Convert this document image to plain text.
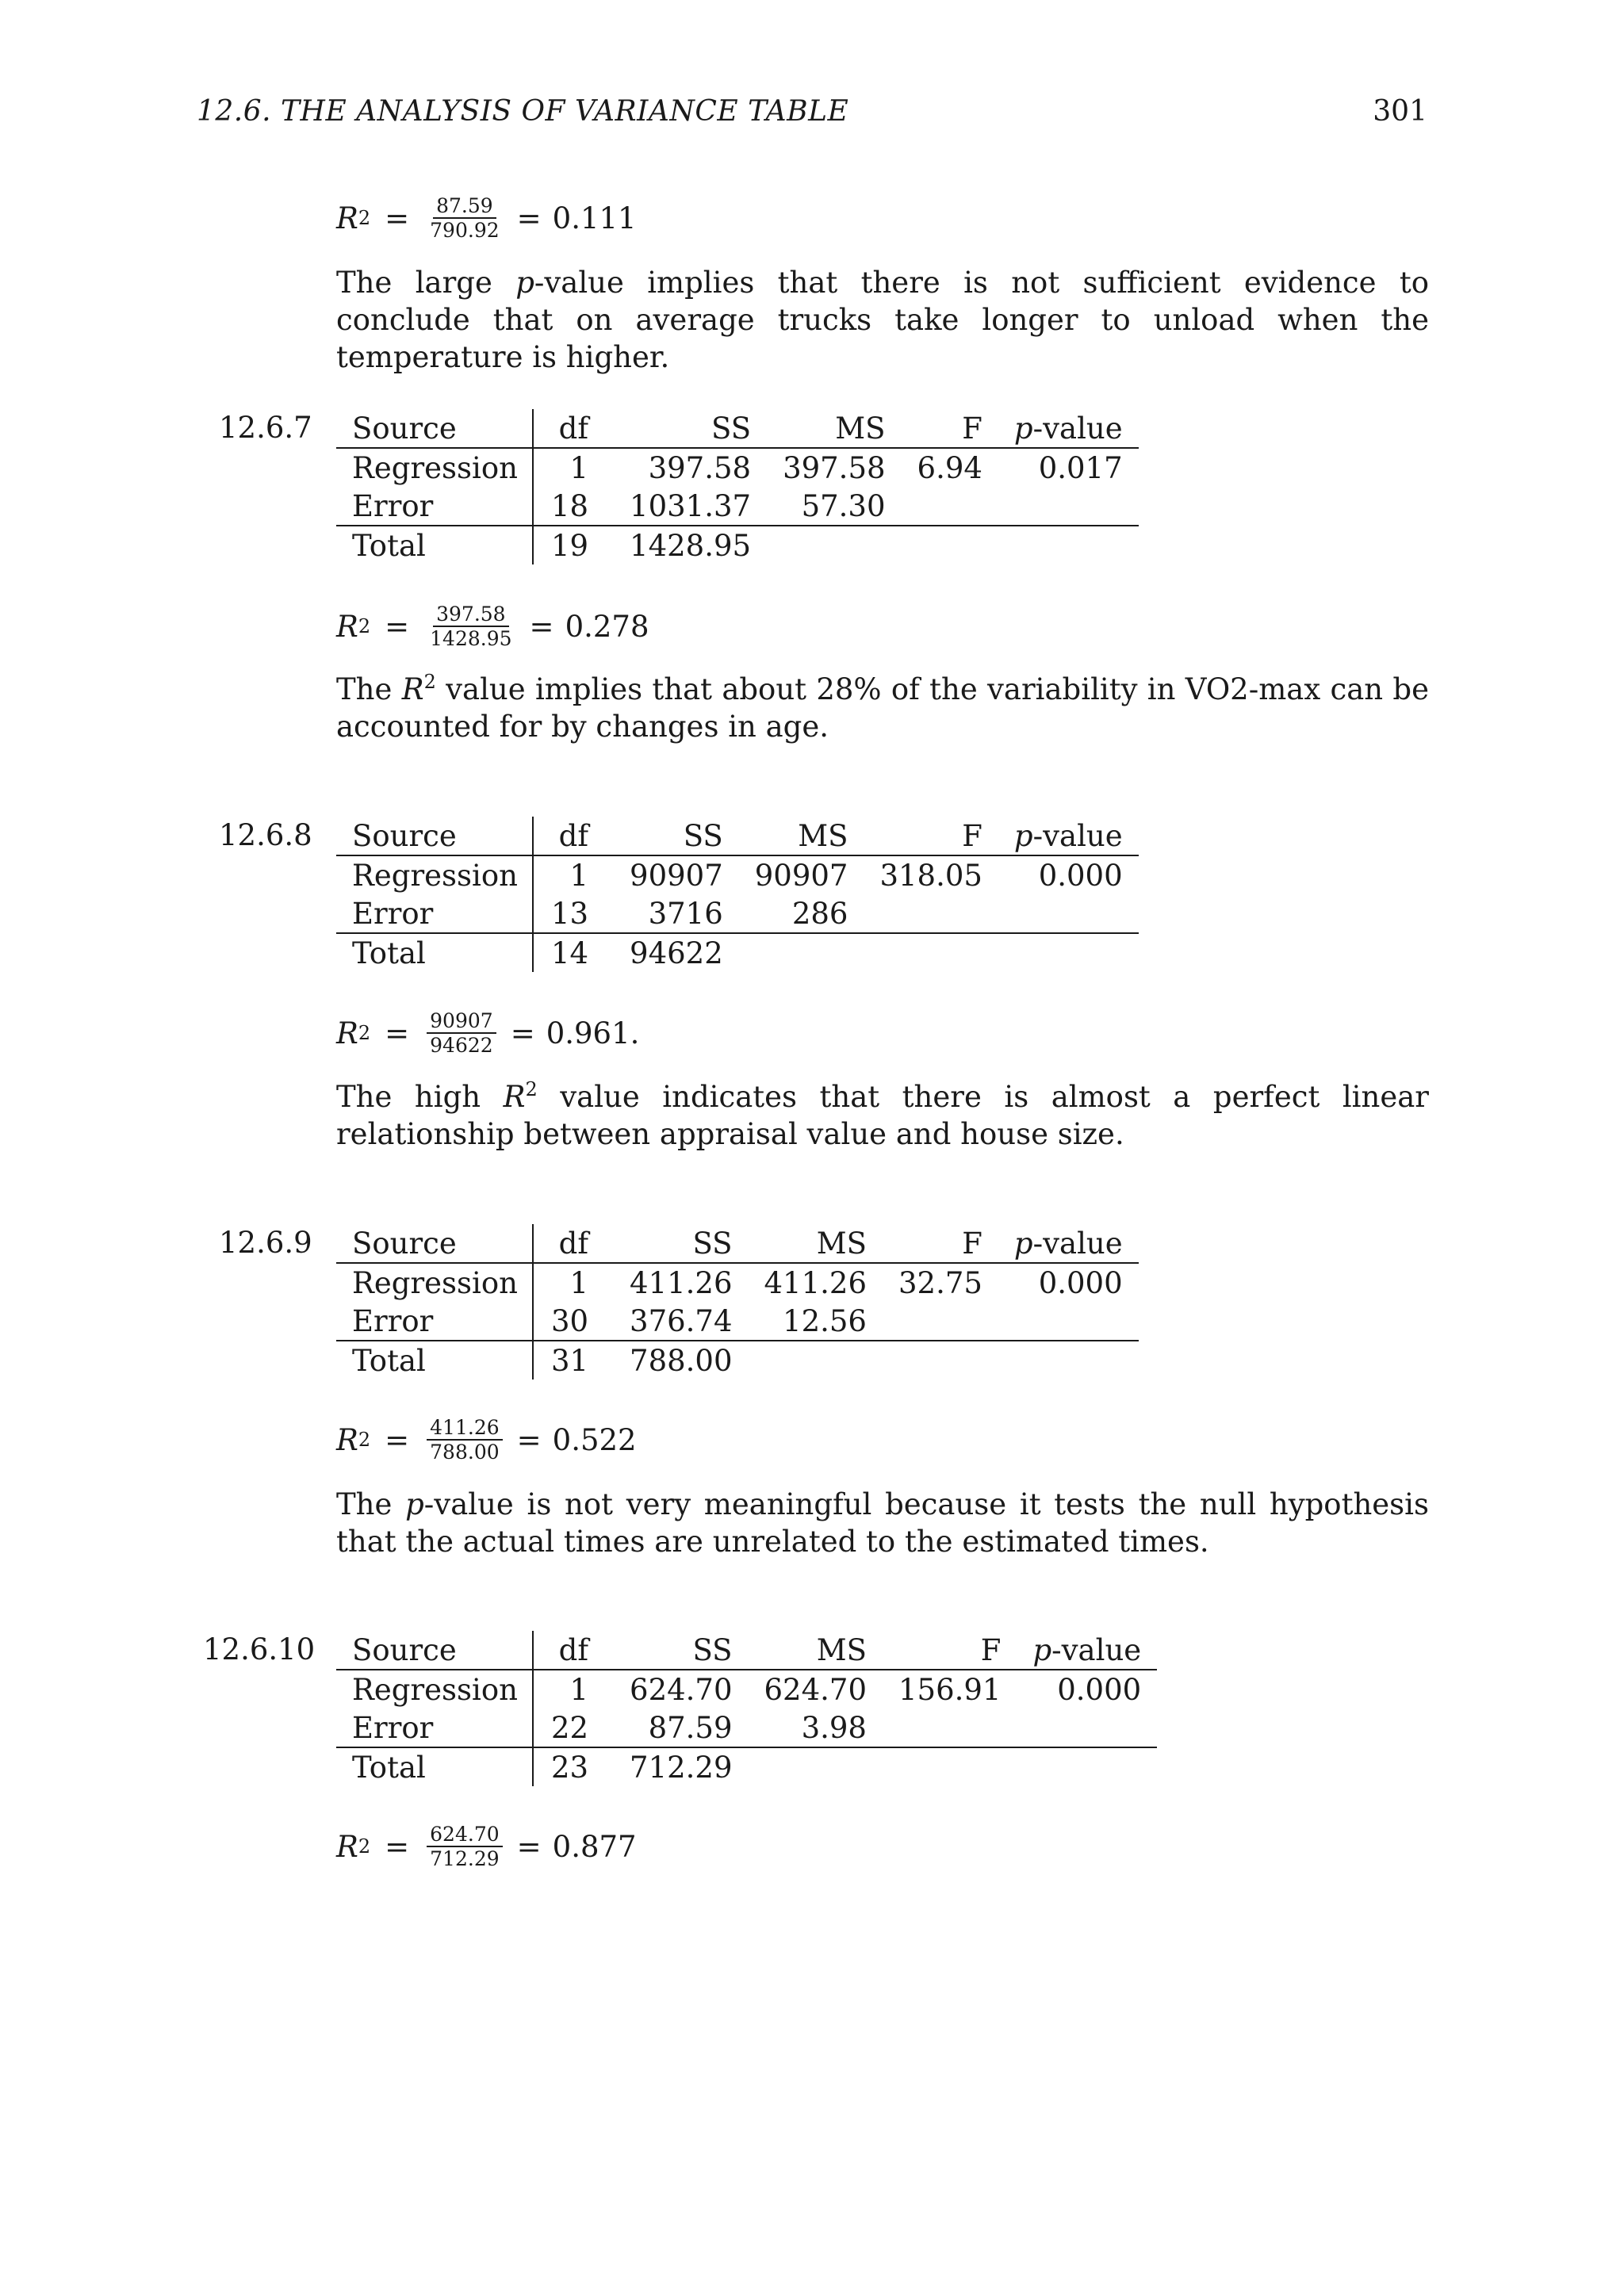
12.6. THE ANALYSIS OF VARIANCE TABLE	301
R $2 = \frac{87.59}{790.92} = 0.111$
The large p-value implies that there is not sufficient evidence to conclude that on average trucks take longer to unload when the temperature is higher.
12.6.7 Source	df	SS	MS	F	p-value
Regression	1	397.58	397.58	6.94	0.017
Error	18	1031.37	57.30		
Total	19	1428.95			
R $2 = \frac{397.58}{1428.95} = 0.278$
The $R^2$ value implies that about 28% of the variability in VO2-max can be accounted for by changes in age.
12.6.8 Source	df	SS	MS	F	p-value
Regression	1	90907	90907	318.05	0.000
Error	13	3716	286		
Total	14	94622			
R $2 = \frac{90907}{94622} = 0.961$.
The high $R^2$ value indicates that there is almost a perfect linear relationship between appraisal value and house size.
12.6.9 Source	df	SS	MS	F	p-value
Regression	1	411.26	411.26	32.75	0.000
Error	30	376.74	12.56		
Total	31	788.00			
R $2 = \frac{411.26}{788.00} = 0.522$
The p-value is not very meaningful because it tests the null hypothesis that the actual times are unrelated to the estimated times.
12.6.10 Source	df	SS	MS	F	p-value
Regression	1	624.70	624.70	156.91	0.000
Error	22	87.59	3.98		
Total	23	712.29			
R $2 = \frac{624.70}{712.29} = 0.877$
